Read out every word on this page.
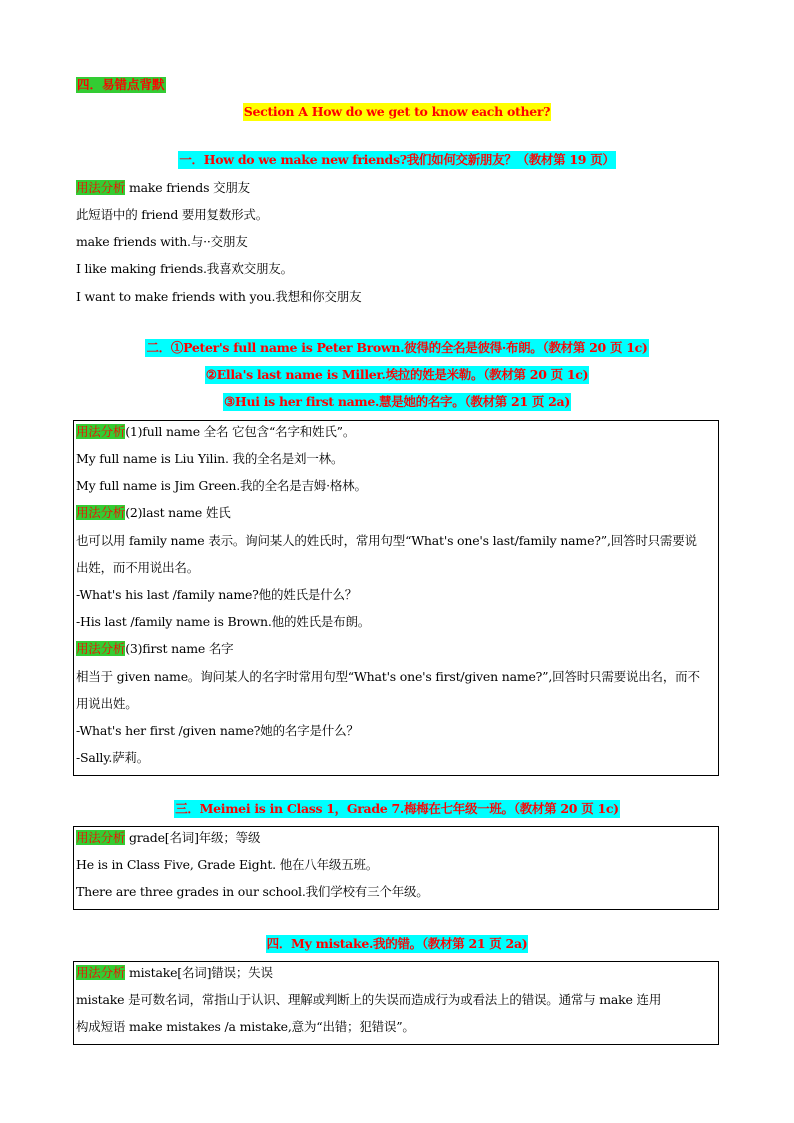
四．易错点背默
Section A How do we get to know each other?
一．How do we make new friends?我们如何交新朋友？（教材第 19 页）
用法分析 make friends 交朋友
此短语中的 friend 要用复数形式。
make friends with.与··交朋友
I like making friends.我喜欢交朋友。
I want to make friends with you.我想和你交朋友
二．①Peter's full name is Peter Brown.彼得的全名是彼得·布朗。（教材第 20 页 1c)
②Ella's last name is Miller.埃拉的姓是米勒。（教材第 20 页 1c)
③Hui is her first name.慧是她的名字。（教材第 21 页 2a)
用法分析(1)full name 全名 它包含“名字和姓氏”。
My full name is Liu Yilin. 我的全名是刘一林。
My full name is Jim Green.我的全名是吉姆·格林。
用法分析(2)last name 姓氏
也可以用 family name 表示。询问某人的姓氏时，常用句型“What's one's last/family name?”,回答时只需要说
出姓，而不用说出名。
-What's his last /family name?他的姓氏是什么？
-His last /family name is Brown.他的姓氏是布朗。
用法分析(3)first name 名字
相当于 given name。询问某人的名字时常用句型“What's one's first/given name?”,回答时只需要说出名，而不
用说出姓。
-What's her first /given name?她的名字是什么？
-Sally.萨莉。
三．Meimei is in Class 1，Grade 7.梅梅在七年级一班。（教材第 20 页 1c)
用法分析 grade[名词]年级；等级
He is in Class Five, Grade Eight. 他在八年级五班。
There are three grades in our school.我们学校有三个年级。
四．My mistake.我的错。（教材第 21 页 2a)
用法分析 mistake[名词]错误；失误
mistake 是可数名词，常指山于认识、理解或判断上的失误而造成行为或看法上的错误。通常与 make 连用
构成短语 make mistakes /a mistake,意为“出错；犯错误”。
